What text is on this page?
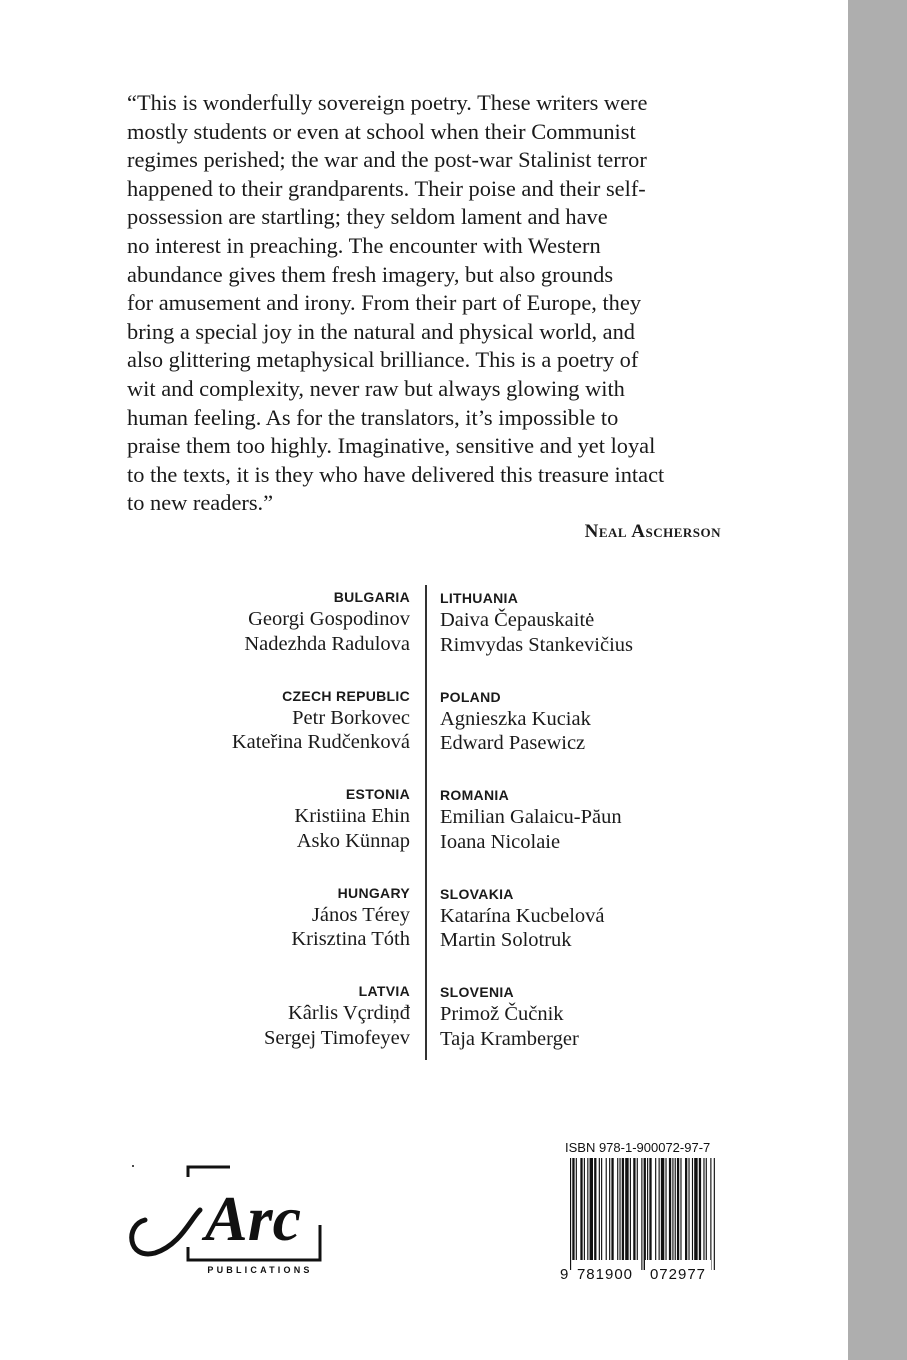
“This is wonderfully sovereign poetry. These writers were
mostly students or even at school when their Communist
regimes perished; the war and the post-war Stalinist terror
happened to their grandparents. Their poise and their self-
possession are startling; they seldom lament and have
no interest in preaching. The encounter with Western
abundance gives them fresh imagery, but also grounds
for amusement and irony. From their part of Europe, they
bring a special joy in the natural and physical world, and
also glittering metaphysical brilliance. This is a poetry of
wit and complexity, never raw but always glowing with
human feeling. As for the translators, it’s impossible to
praise them too highly. Imaginative, sensitive and yet loyal
to the texts, it is they who have delivered this treasure intact
to new readers.”
Neal Ascherson
BULGARIA
Georgi Gospodinov
Nadezhda Radulova
CZECH REPUBLIC
Petr Borkovec
Kateřina Rudčenková
ESTONIA
Kristiina Ehin
Asko Künnap
HUNGARY
János Térey
Krisztina Tóth
LATVIA
Kârlis Vçrdiņđ
Sergej Timofeyev
LITHUANIA
Daiva Čepauskaitė
Rimvydas Stankevičius
POLAND
Agnieszka Kuciak
Edward Pasewicz
ROMANIA
Emilian Galaicu-Păun
Ioana Nicolaie
SLOVAKIA
Katarína Kucbelová
Martin Solotruk
SLOVENIA
Primož Čučnik
Taja Kramberger
Arc
PUBLICATIONS
ISBN 978-1-900072-97-7
9 781900 072977
